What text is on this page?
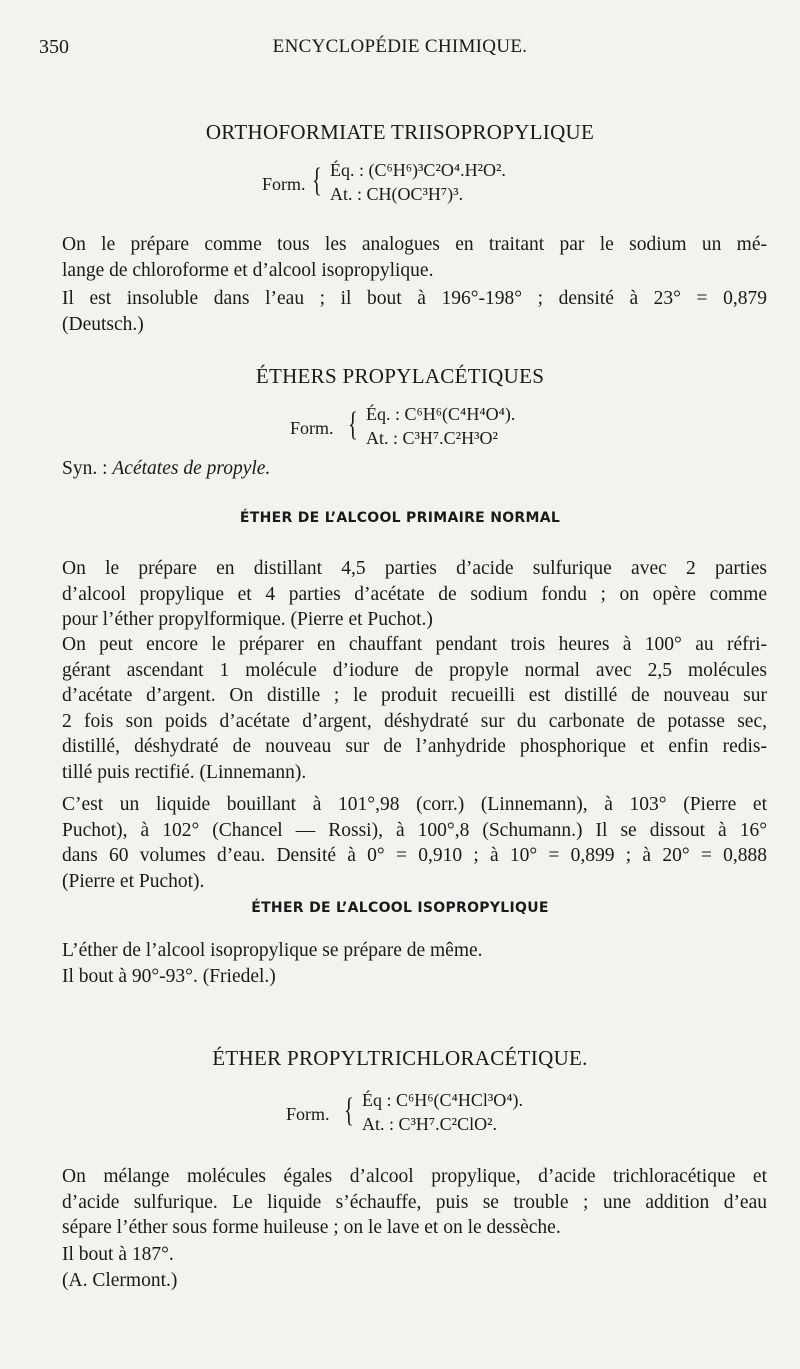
350	ENCYCLOPÉDIE CHIMIQUE.
ORTHOFORMIATE TRIISOPROPYLIQUE
Form. { Éq. : (C⁶H⁶)³C²O⁴.H²O².
At. : CH(OC³H⁷)³.
On le prépare comme tous les analogues en traitant par le sodium un mé-
lange de chloroforme et d’alcool isopropylique.
Il est insoluble dans l’eau ; il bout à 196°-198° ; densité à 23° = 0,879
(Deutsch.)
ÉTHERS PROPYLACÉTIQUES
Form. { Éq. : C⁶H⁶(C⁴H⁴O⁴).
At. : C³H⁷.C²H³O²
Syn. : Acétates de propyle.
ÉTHER DE L’ALCOOL PRIMAIRE NORMAL
On le prépare en distillant 4,5 parties d’acide sulfurique avec 2 parties
d’alcool propylique et 4 parties d’acétate de sodium fondu ; on opère comme
pour l’éther propylformique. (Pierre et Puchot.)
On peut encore le préparer en chauffant pendant trois heures à 100° au réfri-
gérant ascendant 1 molécule d’iodure de propyle normal avec 2,5 molécules
d’acétate d’argent. On distille ; le produit recueilli est distillé de nouveau sur
2 fois son poids d’acétate d’argent, déshydraté sur du carbonate de potasse sec,
distillé, déshydraté de nouveau sur de l’anhydride phosphorique et enfin redis-
tillé puis rectifié. (Linnemann).
C’est un liquide bouillant à 101°,98 (corr.) (Linnemann), à 103° (Pierre et
Puchot), à 102° (Chancel — Rossi), à 100°,8 (Schumann.) Il se dissout à 16°
dans 60 volumes d’eau. Densité à 0° = 0,910 ; à 10° = 0,899 ; à 20° = 0,888
(Pierre et Puchot).
ÉTHER DE L’ALCOOL ISOPROPYLIQUE
L’éther de l’alcool isopropylique se prépare de même.
Il bout à 90°-93°. (Friedel.)
ÉTHER PROPYLTRICHLORACÉTIQUE.
Form. { Éq : C⁶H⁶(C⁴HCl³O⁴).
At. : C³H⁷.C²ClO².
On mélange molécules égales d’alcool propylique, d’acide trichloracétique et
d’acide sulfurique. Le liquide s’échauffe, puis se trouble ; une addition d’eau
sépare l’éther sous forme huileuse ; on le lave et on le dessèche.
Il bout à 187°.
(A. Clermont.)
